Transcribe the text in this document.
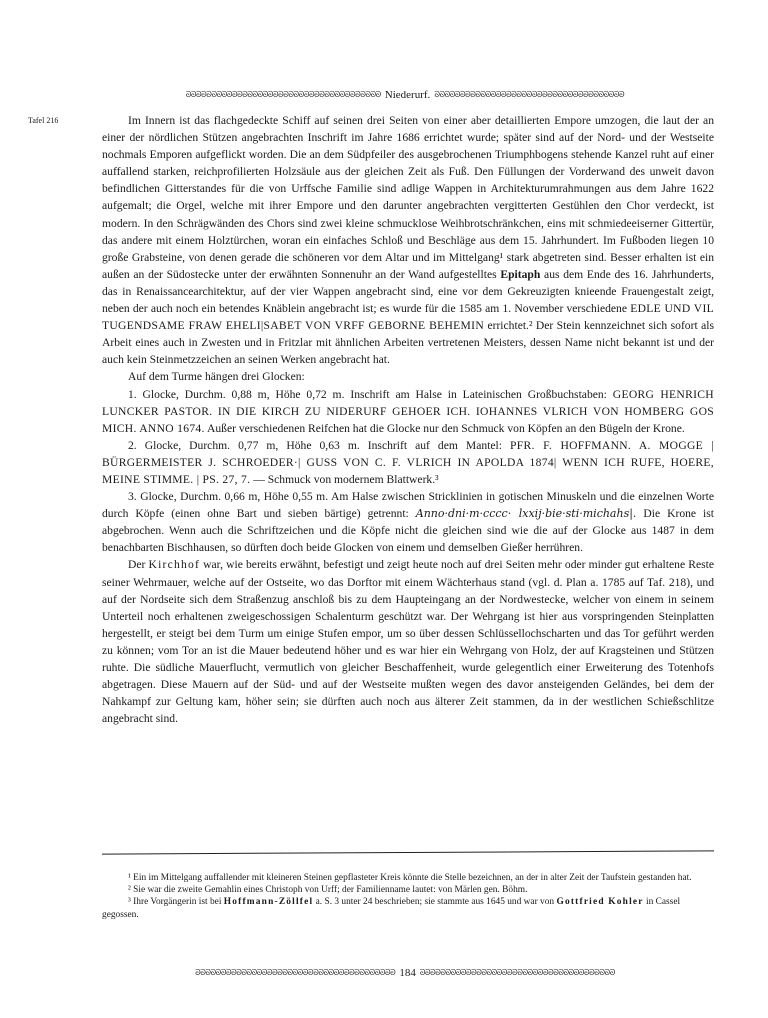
ᘐᘐᘐᘐᘐᘐᘐᘐᘐᘐᘐᘐᘐᘐᘐᘐᘐᘐᘐᘐᘐᘐᘐᘐᘐᘐᘐᘐᘐᘐᘐᘐᘐᘐᘐᘐᘐᘐ Niederurf. ᘐᘐᘐᘐᘐᘐᘐᘐᘐᘐᘐᘐᘐᘐᘐᘐᘐᘐᘐᘐᘐᘐᘐᘐᘐᘐᘐᘐᘐᘐᘐᘐᘐᘐᘐᘐᘐ
Tafel 216	Im Innern ist das flachgedeckte Schiff auf seinen drei Seiten von einer aber detaillierten Empore umzogen, die laut der an einer der nördlichen Stützen angebrachten Inschrift im Jahre 1686 errichtet wurde; später sind auf der Nord- und der Westseite nochmals Emporen aufgeflickt worden. Die an dem Südpfeiler des ausgebrochenen Triumphbogens stehende Kanzel ruht auf einer auffallend starken, reichprofilierten Holzsäule aus der gleichen Zeit als Fuß. Den Füllungen der Vorderwand des unweit davon befindlichen Gitterstandes für die von Urffsche Familie sind adlige Wappen in Architekturumrahmungen aus dem Jahre 1622 aufgemalt; die Orgel, welche mit ihrer Empore und den darunter angebrachten vergitterten Gestühlen den Chor verdeckt, ist modern. In den Schrägwänden des Chors sind zwei kleine schmucklose Weihbrotschränkchen, eins mit schmiedeeiserner Gittertür, das andere mit einem Holztürchen, woran ein einfaches Schloß und Beschläge aus dem 15. Jahrhundert. Im Fußboden liegen 10 große Grabsteine, von denen gerade die schöneren vor dem Altar und im Mittelgang¹ stark abgetreten sind. Besser erhalten ist ein außen an der Südostecke unter der erwähnten Sonnenuhr an der Wand aufgestelltes Epitaph aus dem Ende des 16. Jahrhunderts, das in Renaissancearchitektur, auf der vier Wappen angebracht sind, eine vor dem Gekreuzigten knieende Frauengestalt zeigt, neben der auch noch ein betendes Knäblein angebracht ist; es wurde für die 1585 am 1. November verschiedene EDLE UND VIL TUGENDSAME FRAW EHELI|SABET VON VRFF GEBORNE BEHEMIN errichtet.² Der Stein kennzeichnet sich sofort als Arbeit eines auch in Zwesten und in Fritzlar mit ähnlichen Arbeiten vertretenen Meisters, dessen Name nicht bekannt ist und der auch kein Steinmetzzeichen an seinen Werken angebracht hat.

Auf dem Turme hängen drei Glocken:

1. Glocke, Durchm. 0,88 m, Höhe 0,72 m. Inschrift am Halse in Lateinischen Großbuchstaben: GEORG HENRICH LUNCKER PASTOR. IN DIE KIRCH ZU NIDERURF GEHOER ICH. IOHANNES VLRICH VON HOMBERG GOS MICH. ANNO 1674. Außer verschiedenen Reifchen hat die Glocke nur den Schmuck von Köpfen an den Bügeln der Krone.

2. Glocke, Durchm. 0,77 m, Höhe 0,63 m. Inschrift auf dem Mantel: PFR. F. HOFFMANN. A. MOGGE | BÜRGERMEISTER J. SCHROEDER·| GUSS VON C. F. VLRICH IN APOLDA 1874| WENN ICH RUFE, HOERE, MEINE STIMME. | PS. 27, 7. — Schmuck von modernem Blattwerk.³

3. Glocke, Durchm. 0,66 m, Höhe 0,55 m. Am Halse zwischen Stricklinien in gotischen Minuskeln und die einzelnen Worte durch Köpfe (einen ohne Bart und sieben bärtige) getrennt: Anno·dni·m·cccc· lxxij·bie·sti·michahs|. Die Krone ist abgebrochen. Wenn auch die Schriftzeichen und die Köpfe nicht die gleichen sind wie die auf der Glocke aus 1487 in dem benachbarten Bischhausen, so dürften doch beide Glocken von einem und demselben Gießer herrühren.

Der Kirchhof war, wie bereits erwähnt, befestigt und zeigt heute noch auf drei Seiten mehr oder minder gut erhaltene Reste seiner Wehrmauer, welche auf der Ostseite, wo das Dorftor mit einem Wächterhaus stand (vgl. d. Plan a. 1785 auf Taf. 218), und auf der Nordseite sich dem Straßenzug anschloß bis zu dem Haupteingang an der Nordwestecke, welcher von einem in seinem Unterteil noch erhaltenen zweigeschossigen Schalenturm geschützt war. Der Wehrgang ist hier aus vorspringenden Steinplatten hergestellt, er steigt bei dem Turm um einige Stufen empor, um so über dessen Schlüssellochscharten und das Tor geführt werden zu können; vom Tor an ist die Mauer bedeutend höher und es war hier ein Wehrgang von Holz, der auf Kragsteinen und Stützen ruhte. Die südliche Mauerflucht, vermutlich von gleicher Beschaffenheit, wurde gelegentlich einer Erweiterung des Totenhofs abgetragen. Diese Mauern auf der Süd- und auf der Westseite mußten wegen des davor ansteigenden Geländes, bei dem der Nahkampf zur Geltung kam, höher sein; sie dürften auch noch aus älterer Zeit stammen, da in der westlichen Schießschlitze angebracht sind.

¹ Ein im Mittelgang auffallender mit kleineren Steinen gepflasteter Kreis könnte die Stelle bezeichnen, an der in alter Zeit der Taufstein gestanden hat.

² Sie war die zweite Gemahlin eines Christoph von Urff; der Familienname lautet: von Märlen gen. Böhm.

³ Ihre Vorgängerin ist bei Hoffmann-Zöllfel a. S. 3 unter 24 beschrieben; sie stammte aus 1645 und war von Gottfried Kohler in Cassel gegossen.

ᘐᘐᘐᘐᘐᘐᘐᘐᘐᘐᘐᘐᘐᘐᘐᘐᘐᘐᘐᘐᘐᘐᘐᘐᘐᘐᘐᘐᘐᘐᘐᘐᘐᘐᘐᘐᘐᘐᘐ 184 ᘐᘐᘐᘐᘐᘐᘐᘐᘐᘐᘐᘐᘐᘐᘐᘐᘐᘐᘐᘐᘐᘐᘐᘐᘐᘐᘐᘐᘐᘐᘐᘐᘐᘐᘐᘐᘐᘐ
